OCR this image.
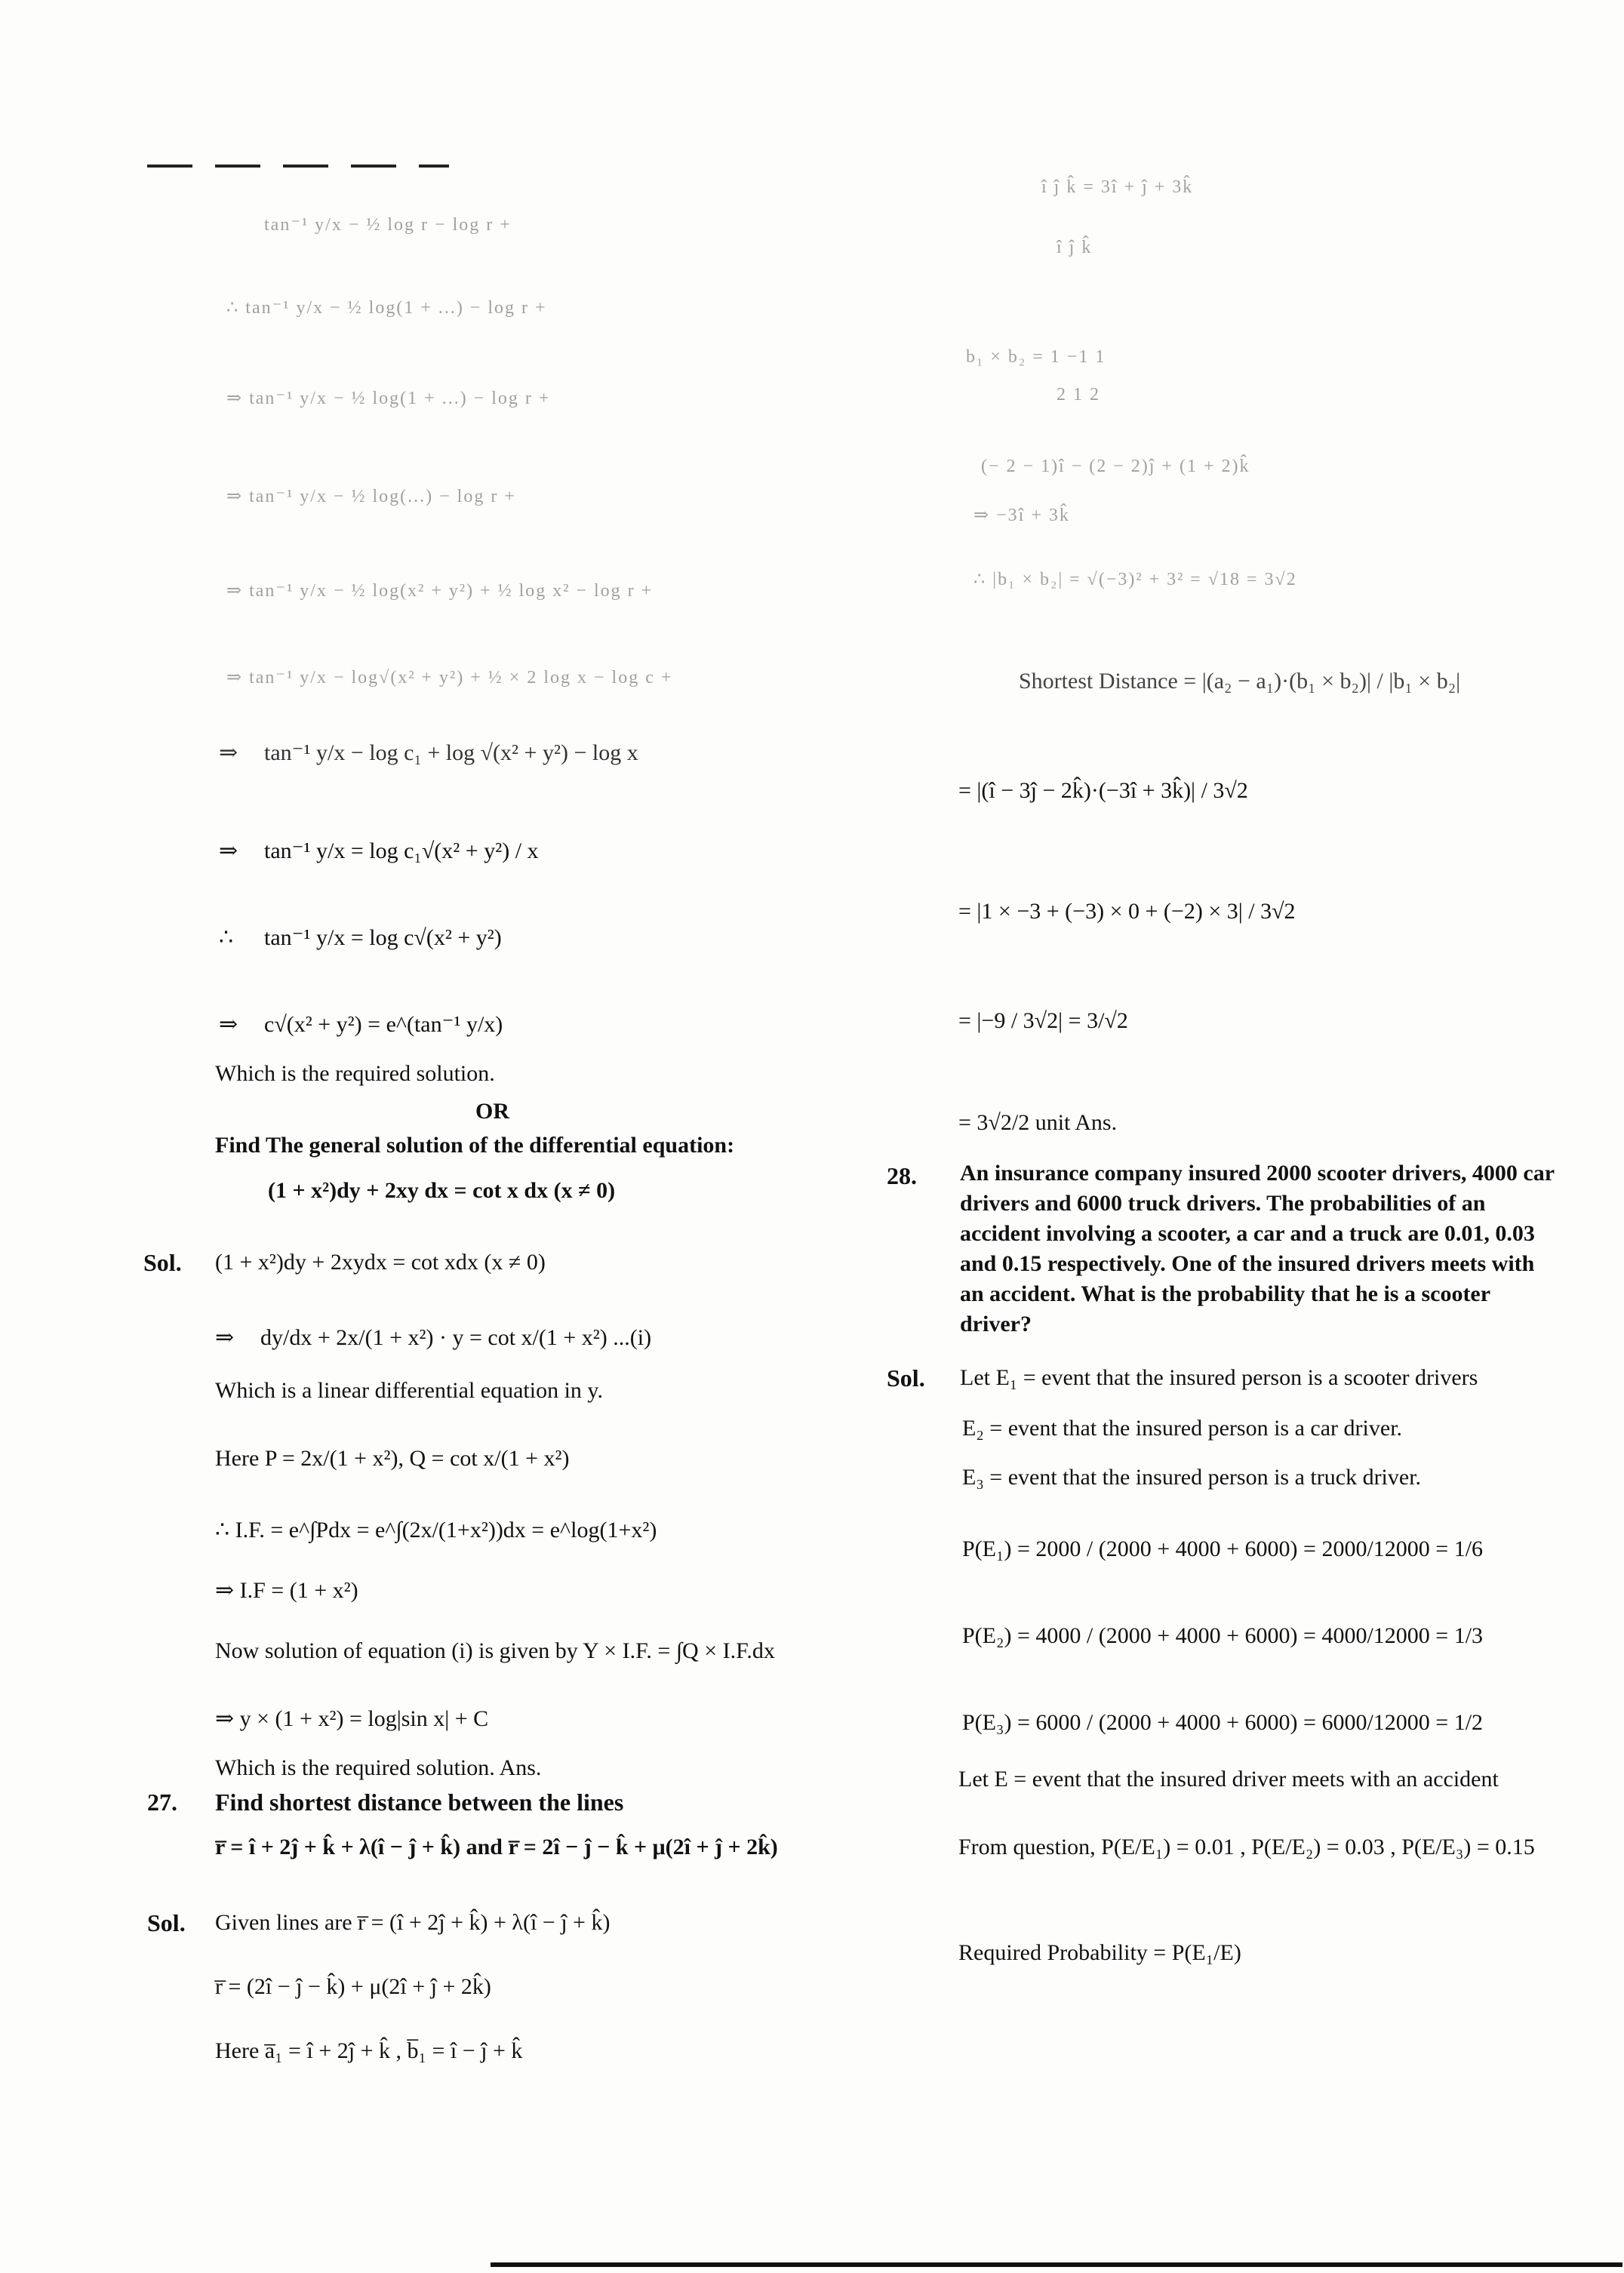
tan⁻¹ y/x − ½ log r − log r +
∴ tan⁻¹ y/x − ½ log(1 + ...) − log r +
⇒ tan⁻¹ y/x − ½ log(1 + ...) − log r +
⇒ tan⁻¹ y/x − ½ log(...) − log r +
⇒ tan⁻¹ y/x − ½ log(x² + y²) + ½ log x² − log r +
⇒ tan⁻¹ y/x − log√(x² + y²) + ½ × 2 log x − log c +
⇒ tan⁻¹ y/x − log c₁ + log √(x² + y²) − log x
⇒ tan⁻¹ y/x = log c₁√(x² + y²) / x
∴ tan⁻¹ y/x = log c√(x² + y²)
⇒ c√(x² + y²) = e^(tan⁻¹ y/x)
Which is the required solution.
OR
Find The general solution of the differential equation:
(1 + x²)dy + 2xy dx = cot x dx (x ≠ 0)
Sol. (1 + x²)dy + 2xydx = cot xdx (x ≠ 0)
⇒ dy/dx + 2x/(1 + x²) · y = cot x/(1 + x²) ...(i)
Which is a linear differential equation in y.
Here P = 2x/(1 + x²), Q = cot x/(1 + x²)
∴ I.F. = e^∫Pdx = e^∫(2x/(1+x²))dx = e^log(1+x²)
⇒ I.F = (1 + x²)
Now solution of equation (i) is given by Y × I.F. = ∫Q × I.F.dx
⇒ y × (1 + x²) = log|sin x| + C
Which is the required solution. Ans.
27. Find shortest distance between the lines
r̅ = î + 2ĵ + k̂ + λ(î − ĵ + k̂) and r̅ = 2î − ĵ − k̂ + μ(2î + ĵ + 2k̂)
Sol. Given lines are r̅ = (î + 2ĵ + k̂) + λ(î − ĵ + k̂)
r̅ = (2î − ĵ − k̂) + μ(2î + ĵ + 2k̂)
Here a̅₁ = î + 2ĵ + k̂ , b̅₁ = î − ĵ + k̂
î ĵ k̂ = 3î + ĵ + 3k̂
î ĵ k̂
b₁ × b₂ = 1 −1 1
2 1 2
(− 2 − 1)î − (2 − 2)ĵ + (1 + 2)k̂
⇒ −3î + 3k̂
∴ |b₁ × b₂| = √(−3)² + 3² = √18 = 3√2
Shortest Distance = |(a₂ − a₁)·(b₁ × b₂)| / |b₁ × b₂|
= |(î − 3ĵ − 2k̂)·(−3î + 3k̂)| / 3√2
= |1 × −3 + (−3) × 0 + (−2) × 3| / 3√2
= |−9 / 3√2| = 3/√2
= 3√2/2 unit Ans.
28. An insurance company insured 2000 scooter drivers, 4000 car drivers and 6000 truck drivers. The probabilities of an accident involving a scooter, a car and a truck are 0.01, 0.03 and 0.15 respectively. One of the insured drivers meets with an accident. What is the probability that he is a scooter driver?
Sol. Let E₁ = event that the insured person is a scooter drivers
E₂ = event that the insured person is a car driver.
E₃ = event that the insured person is a truck driver.
P(E₁) = 2000 / (2000 + 4000 + 6000) = 2000/12000 = 1/6
P(E₂) = 4000 / (2000 + 4000 + 6000) = 4000/12000 = 1/3
P(E₃) = 6000 / (2000 + 4000 + 6000) = 6000/12000 = 1/2
Let E = event that the insured driver meets with an accident
From question, P(E/E₁) = 0.01 , P(E/E₂) = 0.03 , P(E/E₃) = 0.15
Required Probability = P(E₁/E)
